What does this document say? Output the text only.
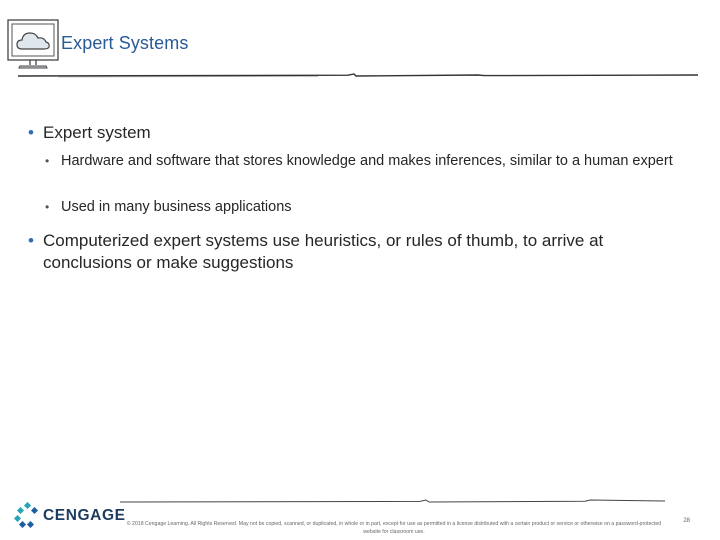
Expert Systems
• Expert system
• Hardware and software that stores knowledge and makes inferences, similar to a human expert
• Used in many business applications
• Computerized expert systems use heuristics, or rules of thumb, to arrive at conclusions or make suggestions
CENGAGE © 2018 Cengage Learning. All Rights Reserved. May not be copied, scanned, or duplicated, in whole or in part, except for use as permitted in a license distributed with a certain product or service or otherwise on a password-protected website for classroom use.
28
